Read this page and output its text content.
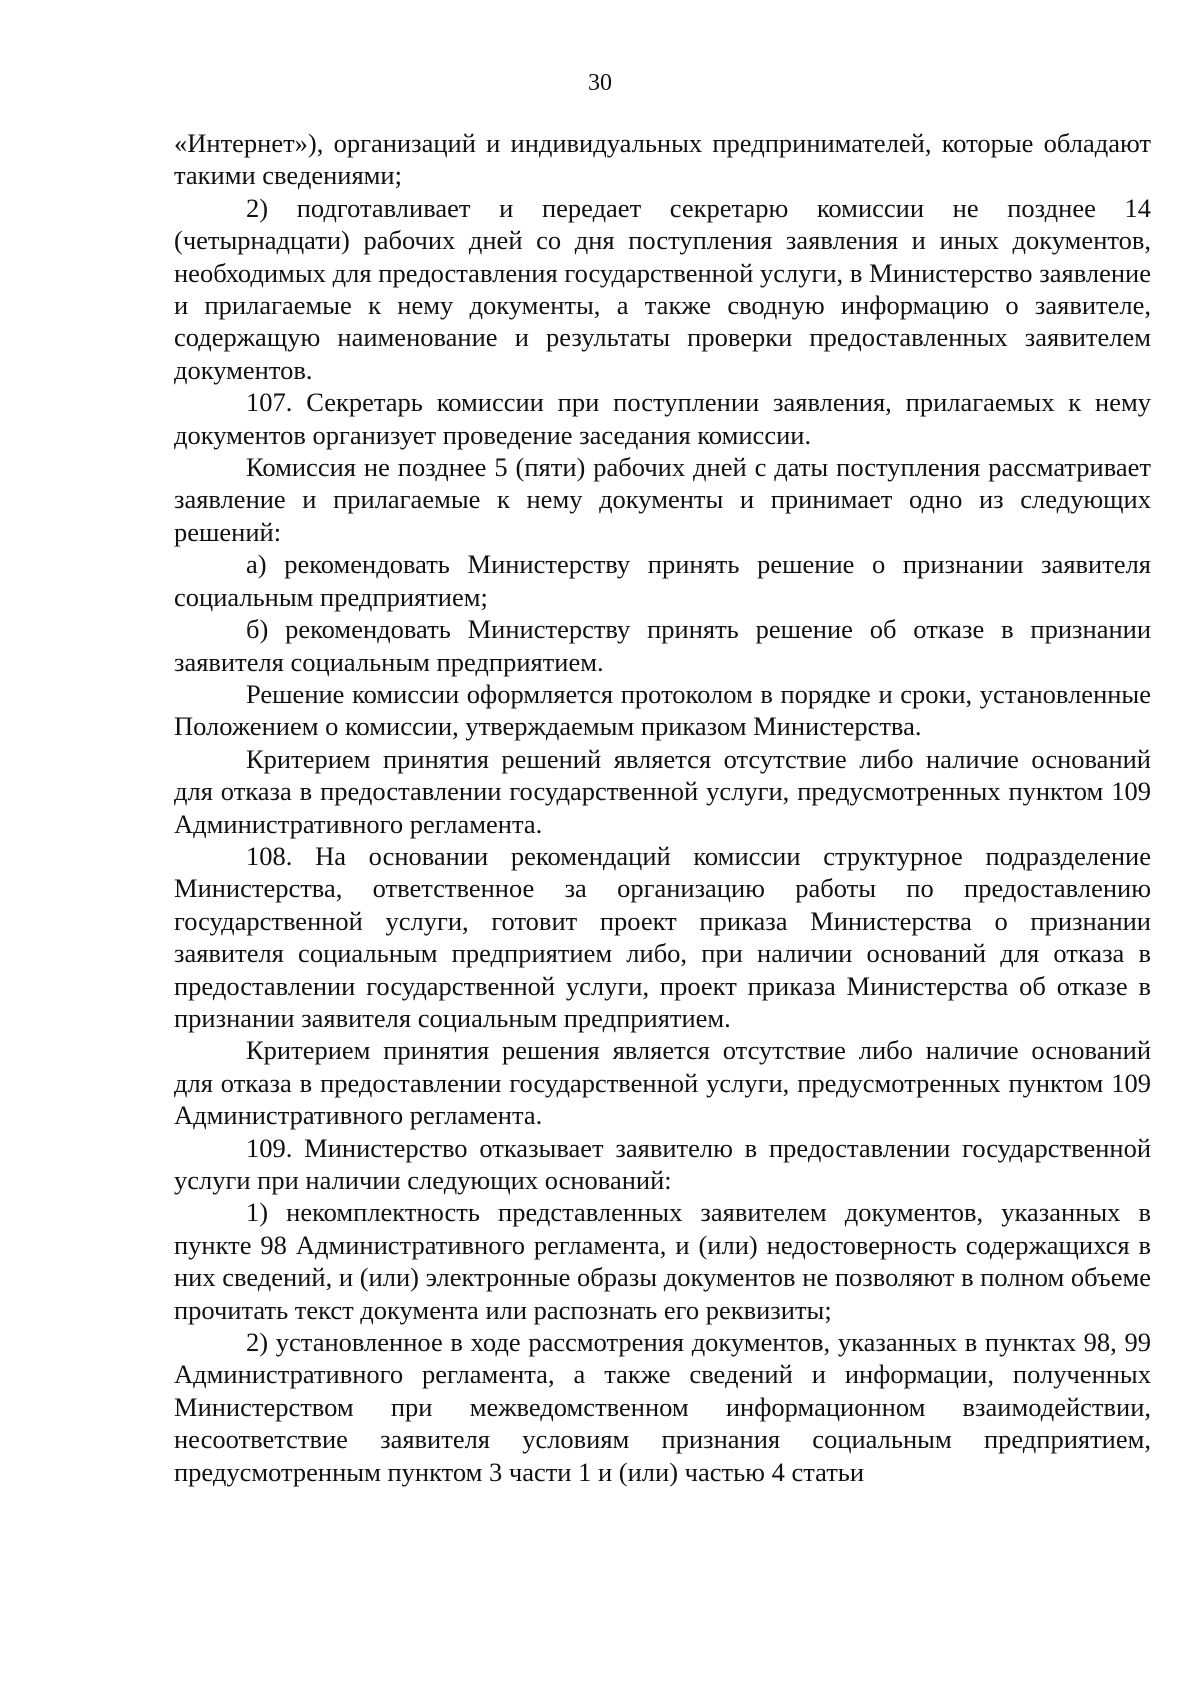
30

«Интернет»), организаций и индивидуальных предпринимателей, которые обладают такими сведениями;

2) подготавливает и передает секретарю комиссии не позднее 14 (четырнадцати) рабочих дней со дня поступления заявления и иных документов, необходимых для предоставления государственной услуги, в Министерство заявление и прилагаемые к нему документы, а также сводную информацию о заявителе, содержащую наименование и результаты проверки предоставленных заявителем документов.

107. Секретарь комиссии при поступлении заявления, прилагаемых к нему документов организует проведение заседания комиссии.

Комиссия не позднее 5 (пяти) рабочих дней с даты поступления рассматривает заявление и прилагаемые к нему документы и принимает одно из следующих решений:

а) рекомендовать Министерству принять решение о признании заявителя социальным предприятием;

б) рекомендовать Министерству принять решение об отказе в признании заявителя социальным предприятием.

Решение комиссии оформляется протоколом в порядке и сроки, установленные Положением о комиссии, утверждаемым приказом Министерства.

Критерием принятия решений является отсутствие либо наличие оснований для отказа в предоставлении государственной услуги, предусмотренных пунктом 109 Административного регламента.

108. На основании рекомендаций комиссии структурное подразделение Министерства, ответственное за организацию работы по предоставлению государственной услуги, готовит проект приказа Министерства о признании заявителя социальным предприятием либо, при наличии оснований для отказа в предоставлении государственной услуги, проект приказа Министерства об отказе в признании заявителя социальным предприятием.

Критерием принятия решения является отсутствие либо наличие оснований для отказа в предоставлении государственной услуги, предусмотренных пунктом 109 Административного регламента.

109. Министерство отказывает заявителю в предоставлении государственной услуги при наличии следующих оснований:

1) некомплектность представленных заявителем документов, указанных в пункте 98 Административного регламента, и (или) недостоверность содержащихся в них сведений, и (или) электронные образы документов не позволяют в полном объеме прочитать текст документа или распознать его реквизиты;

2) установленное в ходе рассмотрения документов, указанных в пунктах 98, 99 Административного регламента, а также сведений и информации, полученных Министерством при межведомственном информационном взаимодействии, несоответствие заявителя условиям признания социальным предприятием, предусмотренным пунктом 3 части 1 и (или) частью 4 статьи
